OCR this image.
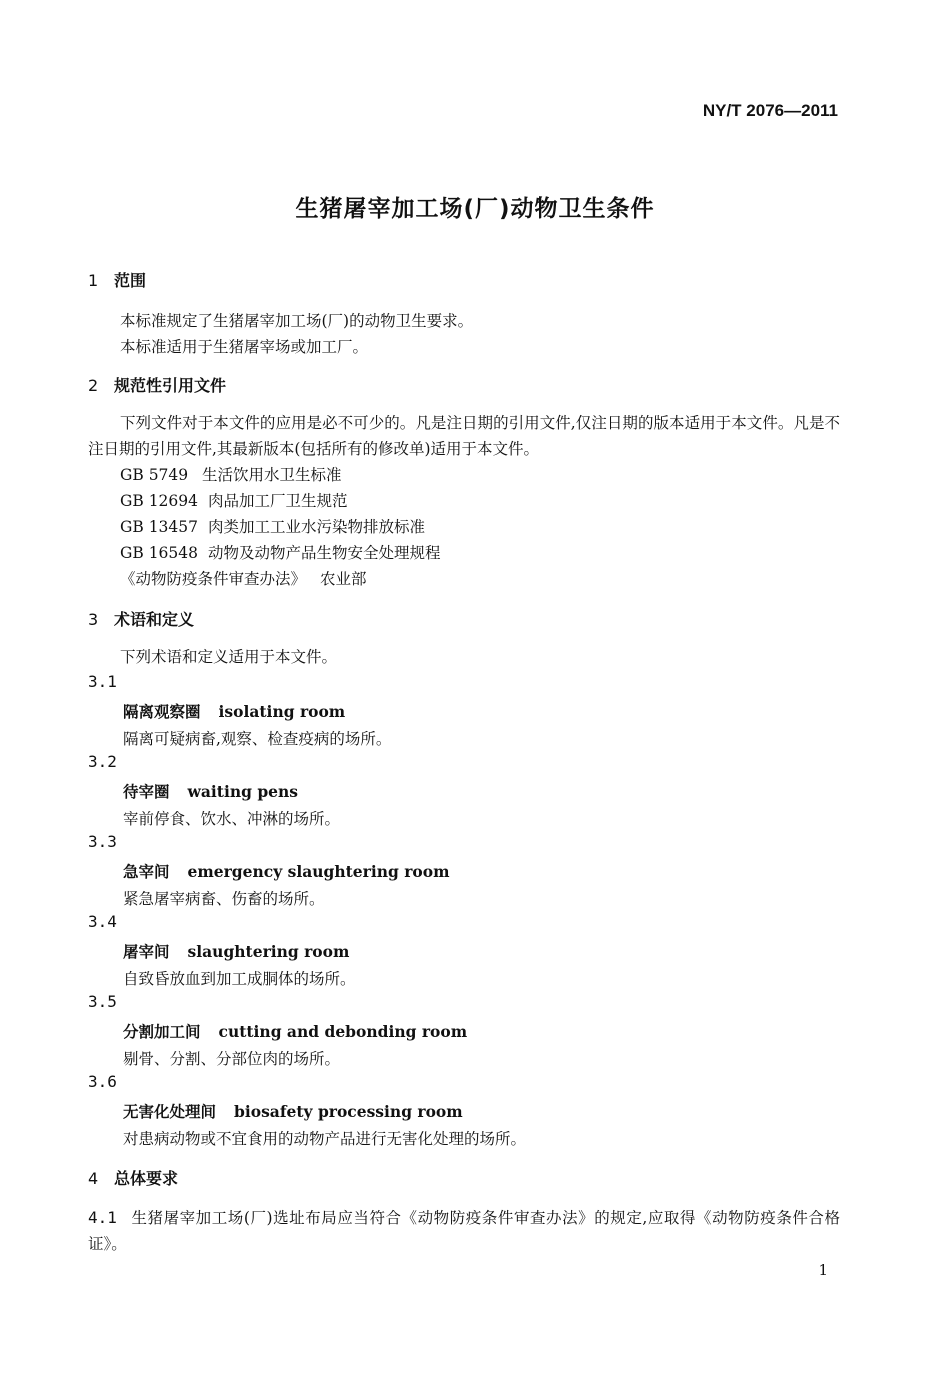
NY/T 2076—2011
生猪屠宰加工场(厂)动物卫生条件
1 范围
本标准规定了生猪屠宰加工场(厂)的动物卫生要求。
本标准适用于生猪屠宰场或加工厂。
2 规范性引用文件
下列文件对于本文件的应用是必不可少的。凡是注日期的引用文件,仅注日期的版本适用于本文件。凡是不注日期的引用文件,其最新版本(包括所有的修改单)适用于本文件。
GB 5749 生活饮用水卫生标准
GB 12694 肉品加工厂卫生规范
GB 13457 肉类加工工业水污染物排放标准
GB 16548 动物及动物产品生物安全处理规程
《动物防疫条件审查办法》 农业部
3 术语和定义
下列术语和定义适用于本文件。
3.1
隔离观察圈 isolating room
隔离可疑病畜,观察、检查疫病的场所。
3.2
待宰圈 waiting pens
宰前停食、饮水、冲淋的场所。
3.3
急宰间 emergency slaughtering room
紧急屠宰病畜、伤畜的场所。
3.4
屠宰间 slaughtering room
自致昏放血到加工成胴体的场所。
3.5
分割加工间 cutting and debonding room
剔骨、分割、分部位肉的场所。
3.6
无害化处理间 biosafety processing room
对患病动物或不宜食用的动物产品进行无害化处理的场所。
4 总体要求
4.1 生猪屠宰加工场(厂)选址布局应当符合《动物防疫条件审查办法》的规定,应取得《动物防疫条件合格证》。
1
